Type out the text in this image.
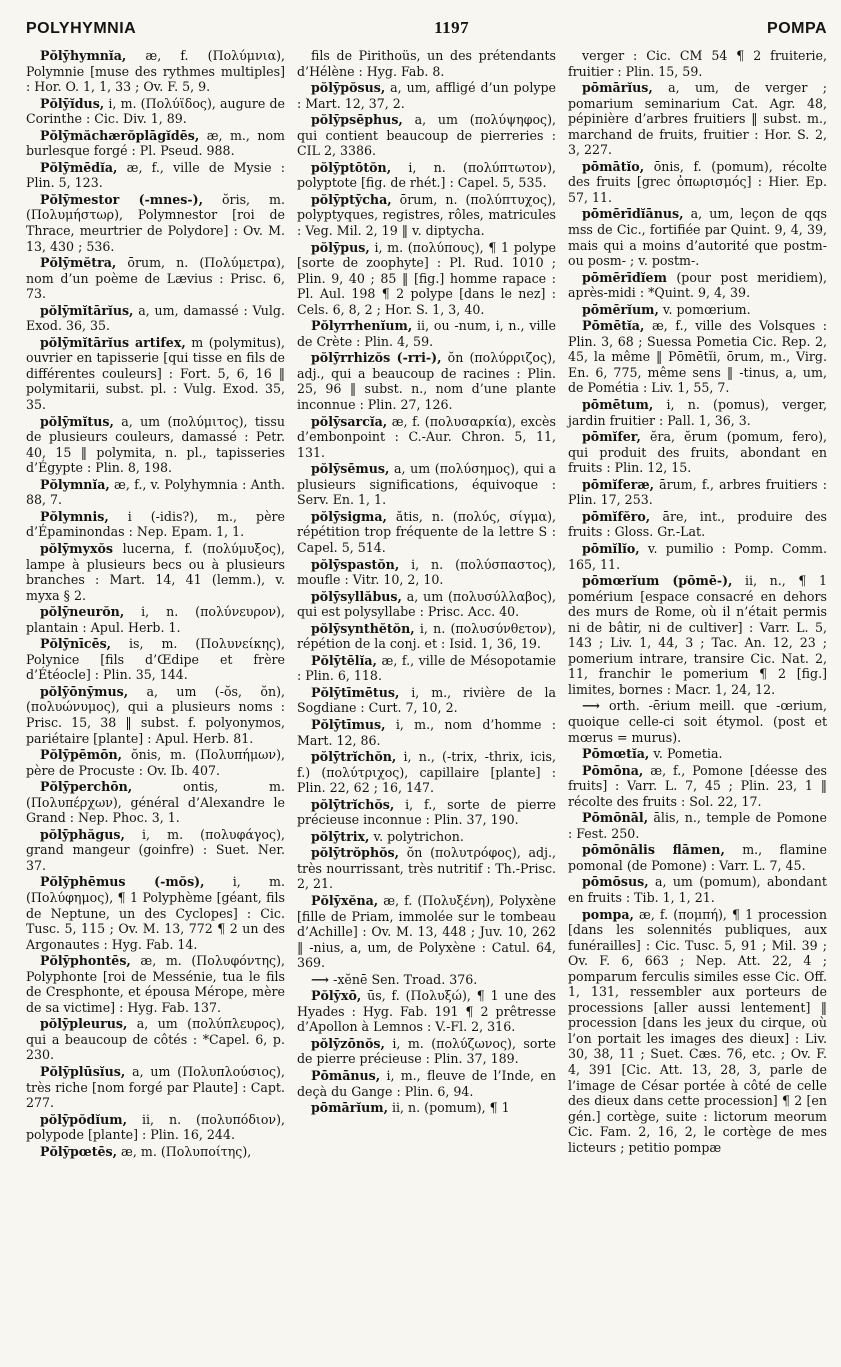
POLYHYMNIA	1197	POMPA

Pŏlȳhymnĭa, æ, f. (Πολύμνια), Polymnie [muse des rythmes multiples] : Hor. O. 1, 1, 33 ; Ov. F. 5, 9.

Pŏlȳĭdus, i, m. (Πολύϊδος), augure de Corinthe : Cic. Div. 1, 89.

Pŏlȳmăchærŏplāgĭdēs, æ, m., nom burlesque forgé : Pl. Pseud. 988.

Pŏlȳmēdĭa, æ, f., ville de Mysie : Plin. 5, 123.

Pŏlȳmestor (-mnes-), ŏris, m. (Πολυμήστωρ), Polymnestor [roi de Thrace, meurtrier de Polydore] : Ov. M. 13, 430 ; 536.

Pŏlȳmĕtra, ōrum, n. (Πολύμετρα), nom d’un poème de Lævius : Prisc. 6, 73.

pŏlȳmĭtārĭus, a, um, damassé : Vulg. Exod. 36, 35.

pŏlȳmĭtārĭus artifex, m (polymitus), ouvrier en tapisserie [qui tisse en fils de différentes couleurs] : Fort. 5, 6, 16 ‖ polymitarii, subst. pl. : Vulg. Exod. 35, 35.

pŏlȳmĭtus, a, um (πολύμιτος), tissu de plusieurs couleurs, damassé : Petr. 40, 15 ‖ polymita, n. pl., tapisseries d’Égypte : Plin. 8, 198.

Pŏlymnĭa, æ, f., v. Polyhymnia : Anth. 88, 7.

Pŏlymnis, i (-idis?), m., père d’Épaminondas : Nep. Epam. 1, 1.

pŏlȳmyxŏs lucerna, f. (πολύμυξος), lampe à plusieurs becs ou à plusieurs branches : Mart. 14, 41 (lemm.), v. myxa § 2.

pŏlȳneurŏn, i, n. (πολύνευρον), plantain : Apul. Herb. 1.

Pŏlȳnīcēs, is, m. (Πολυνείκης), Polynice [fils d’Œdipe et frère d’Étéocle] : Plin. 35, 144.

pŏlȳōnȳmus, a, um (-ŏs, ŏn), (πολυώνυμος), qui a plusieurs noms : Prisc. 15, 38 ‖ subst. f. polyonymos, pariétaire [plante] : Apul. Herb. 81.

Pŏlȳpēmōn, ŏnis, m. (Πολυπήμων), père de Procuste : Ov. Ib. 407.

Pŏlȳperchōn,	ontis, m. (Πολυπέρχων), général d’Alexandre le Grand : Nep. Phoc. 3, 1.

pŏlȳphăgus, i, m. (πολυφάγος), grand mangeur (goinfre) : Suet. Ner. 37.

Pŏlȳphēmus (-mŏs), i, m. (Πολύφημος), ¶ 1 Polyphème [géant, fils de Neptune, un des Cyclopes] : Cic. Tusc. 5, 115 ; Ov. M. 13, 772 ¶ 2 un des Argonautes : Hyg. Fab. 14.

Pŏlȳphontēs, æ, m. (Πολυφόντης), Polyphonte [roi de Messénie, tua le fils de Cresphonte, et épousa Mérope, mère de sa victime] : Hyg. Fab. 137.

pŏlȳpleurus, a, um (πολύπλευρος), qui a beaucoup de côtés : *Capel. 6, p. 230.

Pŏlȳplūsĭus, a, um (Πολυπλούσιος), très riche [nom forgé par Plaute] : Capt. 277.

pŏlȳpŏdĭum, ii, n. (πολυπόδιον), polypode [plante] : Plin. 16, 244.

Pŏlȳpœtēs, æ, m. (Πολυποίτης),

fils de Pirithoüs, un des prétendants d’Hélène : Hyg. Fab. 8.

pŏlȳpŏsus, a, um, affligé d’un polype : Mart. 12, 37, 2.

pŏlȳpsēphus, a, um (πολύψηφος), qui contient beaucoup de pierreries : CIL 2, 3386.

pŏlȳptōtŏn, i, n. (πολύπτωτον), polyptote [fig. de rhét.] : Capel. 5, 535.

pŏlȳptȳcha, ōrum, n. (πολύπτυχος), polyptyques, registres, rôles, matricules : Veg. Mil. 2, 19 ‖ v. diptycha.

pŏlȳpus, i, m. (πολύπους), ¶ 1 polype [sorte de zoophyte] : Pl. Rud. 1010 ; Plin. 9, 40 ; 85 ‖ [fig.] homme rapace : Pl. Aul. 198 ¶ 2 polype [dans le nez] : Cels. 6, 8, 2 ; Hor. S. 1, 3, 40.

Pŏlyrrhenĭum, ii, ou -num, i, n., ville de Crète : Plin. 4, 59.

pŏlȳrrhizŏs (-rri-), ŏn (πολύρριζος), adj., qui a beaucoup de racines : Plin. 25, 96 ‖ subst. n., nom d’une plante inconnue : Plin. 27, 126.

pŏlȳsarcĭa, æ, f. (πολυσαρκία), excès d’embonpoint : C.-Aur. Chron. 5, 11, 131.

pŏlȳsēmus, a, um (πολύσημος), qui a plusieurs significations, équivoque : Serv. En. 1, 1.

pŏlȳsigma, ătis, n. (πολύς, σίγμα), répétition trop fréquente de la lettre S : Capel. 5, 514.

pŏlȳspastŏn, i, n. (πολύσπαστος), moufle : Vitr. 10, 2, 10.

pŏlȳsyllăbus, a, um (πολυσύλλαβος), qui est polysyllabe : Prisc. Acc. 40.

pŏlȳsynthĕtŏn, i, n. (πολυσύνθετον), répétion de la conj. et : Isid. 1, 36, 19.

Pŏlȳtēlĭa, æ, f., ville de Mésopotamie : Plin. 6, 118.

Pŏlȳtīmētus, i, m., rivière de la Sogdiane : Curt. 7, 10, 2.

Pŏlȳtīmus, i, m., nom d’homme : Mart. 12, 86.

pŏlȳtrĭchŏn, i, n., (-trix, -thrix, icis, f.) (πολύτριχος), capillaire [plante] : Plin. 22, 62 ; 16, 147.

pŏlȳtrĭchŏs, i, f., sorte de pierre précieuse inconnue : Plin. 37, 190.

pŏlȳtrix, v. polytrichon.

pŏlȳtrŏphŏs, ŏn (πολυτρόφος), adj., très nourrissant, très nutritif : Th.-Prisc. 2, 21.

Pŏlȳxĕna, æ, f. (Πολυξένη), Polyxène [fille de Priam, immolée sur le tombeau d’Achille] : Ov. M. 13, 448 ; Juv. 10, 262 ‖ -nius, a, um, de Polyxène : Catul. 64, 369.

⟶ -xĕnē Sen. Troad. 376.

Pŏlȳxō, ūs, f. (Πολυξώ), ¶ 1 une des Hyades : Hyg. Fab. 191 ¶ 2 prêtresse d’Apollon à Lemnos : V.-Fl. 2, 316.

pŏlȳzōnŏs, i, m. (πολύζωνος), sorte de pierre précieuse : Plin. 37, 189.

Pōmānus, i, m., fleuve de l’Inde, en deçà du Gange : Plin. 6, 94.

pōmārĭum, ii, n. (pomum), ¶ 1

verger : Cic. CM 54 ¶ 2 fruiterie, fruitier : Plin. 15, 59.

pōmārĭus, a, um, de verger ; pomarium seminarium Cat. Agr. 48, pépinière d’arbres fruitiers ‖ subst. m., marchand de fruits, fruitier : Hor. S. 2, 3, 227.

pōmātĭo, ōnis, f. (pomum), récolte des fruits [grec ὀπωρισμός] : Hier. Ep. 57, 11.

pōmērīdĭānus, a, um, leçon de qqs mss de Cic., fortifiée par Quint. 9, 4, 39, mais qui a moins d’autorité que postm- ou posm- ; v. postm-.

pōmērīdĭem (pour post meridiem), après-midi : *Quint. 9, 4, 39.

pōmērĭum, v. pomœrium.

Pōmētĭa, æ, f., ville des Volsques : Plin. 3, 68 ; Suessa Pometia Cic. Rep. 2, 45, la même ‖ Pōmētĭi, ōrum, m., Virg. En. 6, 775, même sens ‖ -tinus, a, um, de Pométia : Liv. 1, 55, 7.

pōmētum, i, n. (pomus), verger, jardin fruitier : Pall. 1, 36, 3.

pōmĭfer, ĕra, ĕrum (pomum, fero), qui produit des fruits, abondant en fruits : Plin. 12, 15.

pōmĭferæ, ārum, f., arbres fruitiers : Plin. 17, 253.

pōmĭfĕro, āre, int., produire des fruits : Gloss. Gr.-Lat.

pōmĭlĭo, v. pumilio : Pomp. Comm. 165, 11.

pōmœrĭum (pōmē-), ii, n., ¶ 1 pomérium [espace consacré en dehors des murs de Rome, où il n’était permis ni de bâtir, ni de cultiver] : Varr. L. 5, 143 ; Liv. 1, 44, 3 ; Tac. An. 12, 23 ; pomerium intrare, transire Cic. Nat. 2, 11, franchir le pomerium ¶ 2 [fig.] limites, bornes : Macr. 1, 24, 12.

⟶ orth. -ērium meill. que -œrium, quoique celle-ci soit étymol. (post et mœrus = murus).

Pōmœtĭa, v. Pometia.

Pōmōna, æ, f., Pomone [déesse des fruits] : Varr. L. 7, 45 ; Plin. 23, 1 ‖ récolte des fruits : Sol. 22, 17.

Pōmōnāl, ālis, n., temple de Pomone : Fest. 250.

pōmōnālis flāmen, m., flamine pomonal (de Pomone) : Varr. L. 7, 45.

pōmōsus, a, um (pomum), abondant en fruits : Tib. 1, 1, 21.

pompa, æ, f. (πομπή), ¶ 1 procession [dans les solennités publiques, aux funérailles] : Cic. Tusc. 5, 91 ; Mil. 39 ; Ov. F. 6, 663 ; Nep. Att. 22, 4 ; pomparum ferculis similes esse Cic. Off. 1, 131, ressembler aux porteurs de processions [aller aussi lentement] ‖ procession [dans les jeux du cirque, où l’on portait les images des dieux] : Liv. 30, 38, 11 ; Suet. Cæs. 76, etc. ; Ov. F. 4, 391 [Cic. Att. 13, 28, 3, parle de l’image de César portée à côté de celle des dieux dans cette procession] ¶ 2 [en gén.] cortège, suite : lictorum meorum Cic. Fam. 2, 16, 2, le cortège de mes licteurs ; petitio pompæ
